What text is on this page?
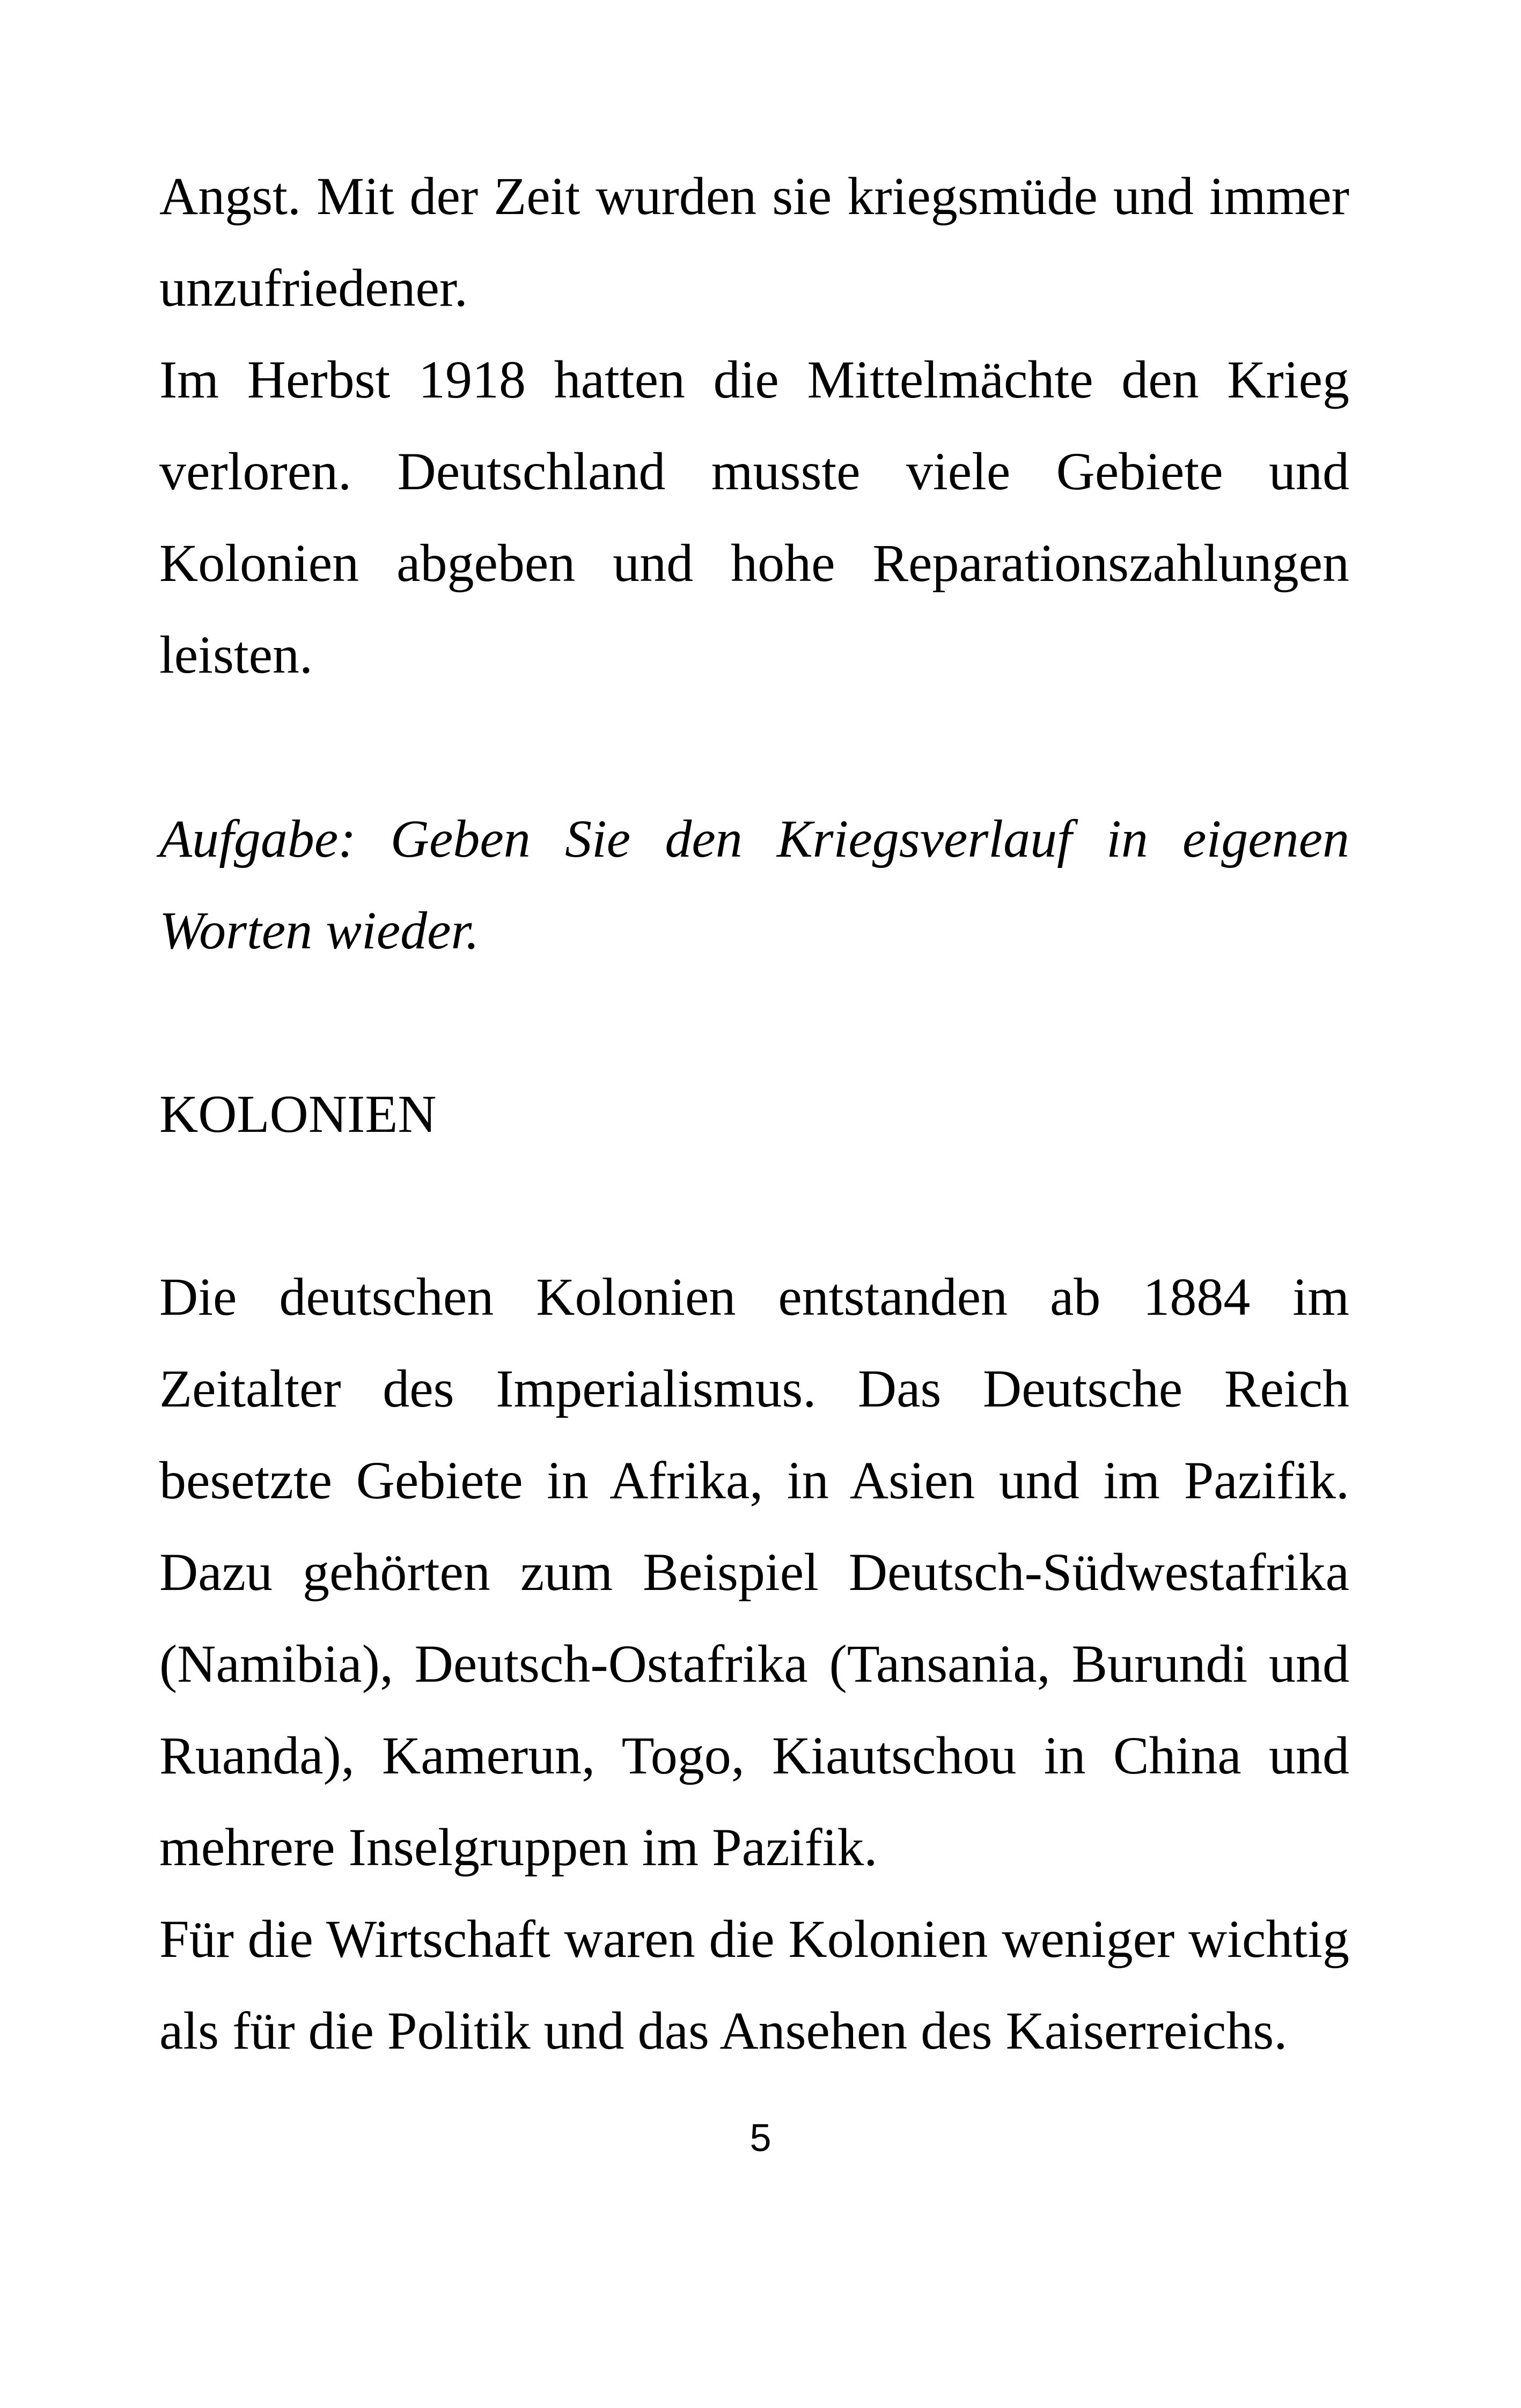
Angst. Mit der Zeit wurden sie kriegsmüde und immer unzufriedener.

Im Herbst 1918 hatten die Mittelmächte den Krieg verloren. Deutschland musste viele Gebiete und Kolonien abgeben und hohe Reparationszahlungen leisten.

Aufgabe: Geben Sie den Kriegsverlauf in eigenen Worten wieder.

KOLONIEN

Die deutschen Kolonien entstanden ab 1884 im Zeitalter des Imperialismus. Das Deutsche Reich besetzte Gebiete in Afrika, in Asien und im Pazifik. Dazu gehörten zum Beispiel Deutsch-Südwestafrika (Namibia), Deutsch-Ostafrika (Tansania, Burundi und Ruanda), Kamerun, Togo, Kiautschou in China und mehrere Inselgruppen im Pazifik.

Für die Wirtschaft waren die Kolonien weniger wichtig als für die Politik und das Ansehen des Kaiserreichs.

5
